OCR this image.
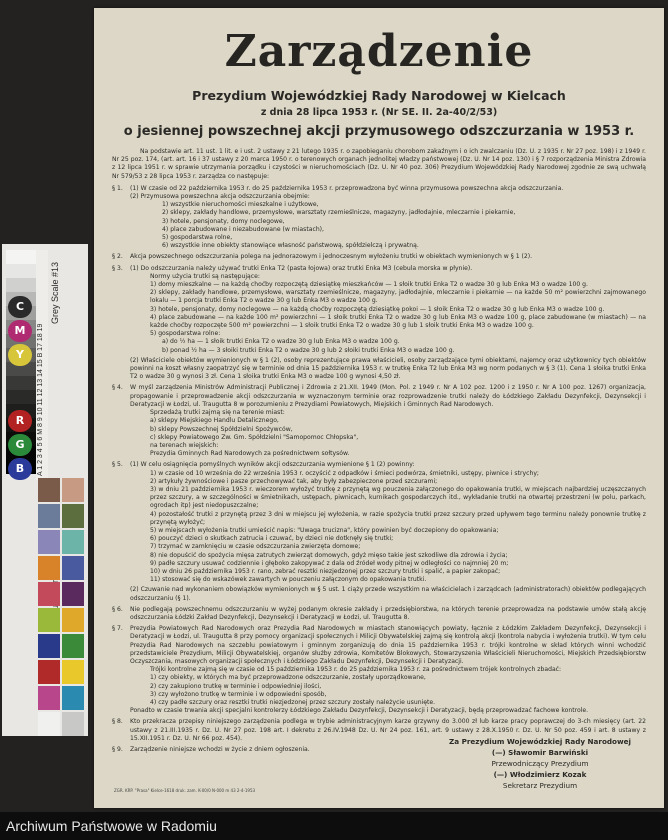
A 1 2 3 4 5 6 M 8 9 10 11 12 13 14 15 B 17 18 19
Grey Scale #13
C
M
Y
R
G
B
Zarządzenie
Prezydium Wojewódzkiej Rady Narodowej w Kielcach
z dnia 28 lipca 1953 r. (Nr SE. II. 2a-40/2/53)
o jesiennej powszechnej akcji przymusowego odszczurzania w 1953 r.

Na podstawie art. 11 ust. 1 lit. e i ust. 2 ustawy z 21 lutego 1935 r. o zapobieganiu chorobom zakaźnym i o ich zwalczaniu (Dz. U. z 1935 r. Nr 27 poz. 198) i z 1949 r. Nr 25 poz. 174, (art. art. 16 i 37 ustawy z 20 marca 1950 r. o terenowych organach jednolitej władzy państwowej (Dz. U. Nr 14 poz. 130) i § 7 rozporządzenia Ministra Zdrowia z 12 lipca 1951 r. w sprawie utrzymania porządku i czystości w nieruchomościach (Dz. U. Nr 40 poz. 306) Prezydium Wojewódzkiej Rady Narodowej zgodnie ze swą uchwałą Nr 579/53 z 28 lipca 1953 r. zarządza co następuje:

§ 1.	(1) W czasie od 22 października 1953 r. do 25 października 1953 r. przeprowadzona być winna przymusowa powszechna akcja odszczurzania.

(2) Przymusowa powszechna akcja odszczurzania obejmie:

1) wszystkie nieruchomości mieszkalne i użytkowe,

2) sklepy, zakłady handlowe, przemysłowe, warsztaty rzemieślnicze, magazyny, jadłodajnie, mleczarnie i piekarnie,

3) hotele, pensjonaty, domy noclegowe,

4) place zabudowane i niezabudowane (w miastach),

5) gospodarstwa rolne,

6) wszystkie inne obiekty stanowiące własność państwową, spółdzielczą i prywatną.

§ 2.	Akcja powszechnego odszczurzania polega na jednorazowym i jednoczesnym wyłożeniu trutki w obiektach wymienionych w § 1 (2).

§ 3.	(1) Do odszczurzania należy używać trutki Enka T2 (pasta łojowa) oraz trutki Enka M3 (cebula morska w płynie).

Normy użycia trutki są następujące:

1) domy mieszkalne — na każdą choćby rozpoczętą dziesiątkę mieszkańców — 1 słoik trutki Enka T2 o wadze 30 g lub Enka M3 o wadze 100 g.

2) sklepy, zakłady handlowe, przemysłowe, warsztaty rzemieślnicze, magazyny, jadłodajnie, mleczarnie i piekarnie — na każde 50 m² powierzchni zajmowanego lokalu — 1 porcja trutki Enka T2 o wadze 30 g lub Enka M3 o wadze 100 g.

3) hotele, pensjonaty, domy noclegowe — na każdą choćby rozpoczętą dziesiątkę pokoi — 1 słoik Enka T2 o wadze 30 g lub Enka M3 o wadze 100 g.

4) place zabudowane — na każde 100 m² powierzchni — 1 słoik trutki Enka T2 o wadze 30 g lub Enka M3 o wadze 100 g, place zabudowane (w miastach) — na każde choćby rozpoczęte 500 m² powierzchni — 1 słoik trutki Enka T2 o wadze 30 g lub 1 słoik trutki Enka M3 o wadze 100 g.

5) gospodarstwa rolne:

a) do ½ ha — 1 słoik trutki Enka T2 o wadze 30 g lub Enka M3 o wadze 100 g.

b) ponad ½ ha — 3 słoiki trutki Enka T2 o wadze 30 g lub 2 słoiki trutki Enka M3 o wadze 100 g.

(2) Właściciele obiektów wymienionych w § 1 (2), osoby reprezentujące prawa właścicieli, osoby zarządzające tymi obiektami, najemcy oraz użytkownicy tych obiektów powinni na koszt własny zaopatrzyć się w terminie od dnia 15 października 1953 r. w trutkę Enka T2 lub Enka M3 wg norm podanych w § 3 (1). Cena 1 słoika trutki Enka T2 o wadze 30 g wynosi 3 zł. Cena 1 słoika trutki Enka M3 o wadze 100 g wynosi 4,50 zł.

§ 4.	W myśl zarządzenia Ministrów Administracji Publicznej i Zdrowia z 21.XII. 1949 (Mon. Pol. z 1949 r. Nr A 102 poz. 1200 i z 1950 r. Nr A 100 poz. 1267) organizacja, propagowanie i przeprowadzenie akcji odszczurzania w wyznaczonym terminie oraz rozprowadzenie trutki należy do Łódzkiego Zakładu Dezynfekcji, Dezynsekcji i Deratyzacji w Łodzi, ul. Traugutta 8 w porozumieniu z Prezydiami Powiatowych, Miejskich i Gminnych Rad Narodowych.

Sprzedażą trutki zajmą się na terenie miast:

a) sklepy Miejskiego Handlu Detalicznego,

b) sklepy Powszechnej Spółdzielni Spożywców,

c) sklepy Powiatowego Zw. Gm. Spółdzielni "Samopomoc Chłopska",

na terenach wiejskich:

Prezydia Gminnych Rad Narodowych za pośrednictwem sołtysów.

§ 5.	(1) W celu osiągnięcia pomyślnych wyników akcji odszczurzania wymienione § 1 (2) powinny:

1) w czasie od 10 września do 22 września 1953 r. oczyścić z odpadków i śmieci podwórza, śmietniki, ustępy, piwnice i strychy;

2) artykuły żywnościowe i pasze przechowywać tak, aby były zabezpieczone przed szczurami;

3) w dniu 21 października 1953 r. wieczorem wyłożyć trutkę z przynętą wg pouczenia załączonego do opakowania trutki, w miejscach najbardziej uczęszczanych przez szczury, a w szczególności w śmietnikach, ustępach, piwnicach, kurnikach gospodarczych itd., wykładanie trutki na otwartej przestrzeni (w polu, parkach, ogrodach itp) jest niedopuszczalne;

4) pozostałość trutki z przynętą przez 3 dni w miejscu jej wyłożenia, w razie spożycia trutki przez szczury przed upływem tego terminu należy ponownie trutkę z przynętą wyłożyć;

5) w miejscach wyłożenia trutki umieścić napis: "Uwaga trucizna", który powinien być doczepiony do opakowania;

6) pouczyć dzieci o skutkach zatrucia i czuwać, by dzieci nie dotknęły się trutki;

7) trzymać w zamknięciu w czasie odszczurzania zwierzęta domowe;

8) nie dopuścić do spożycia mięsa zatrutych zwierząt domowych, gdyż mięso takie jest szkodliwe dla zdrowia i życia;

9) padłe szczury usuwać codziennie i głęboko zakopywać z dala od źródeł wody pitnej w odległości co najmniej 20 m;

10) w dniu 26 października 1953 r. rano, zebrać resztki niezjedzonej przez szczury trutki i spalić, a papier zakopać;

11) stosować się do wskazówek zawartych w pouczeniu załączonym do opakowania trutki.

(2) Czuwanie nad wykonaniem obowiązków wymienionych w § 5 ust. 1 ciąży przede wszystkim na właścicielach i zarządcach (administratorach) obiektów podlegających odszczurzaniu (§ 1).

§ 6.	Nie podlegają powszechnemu odszczurzaniu w wyżej podanym okresie zakłady i przedsiębiorstwa, na których terenie przeprowadza na podstawie umów stałą akcję odszczurzania Łódzki Zakład Dezynfekcji, Dezynsekcji i Deratyzacji w Łodzi, ul. Traugutta 8.

§ 7.	Prezydia Powiatowych Rad Narodowych oraz Prezydia Rad Narodowych w miastach stanowiących powiaty, łącznie z Łódzkim Zakładem Dezynfekcji, Dezynsekcji i Deratyzacji w Łodzi, ul. Traugutta 8 przy pomocy organizacji społecznych i Milicji Obywatelskiej zajmą się kontrolą akcji (kontrola nabycia i wyłożenia trutki). W tym celu Prezydia Rad Narodowych na szczeblu powiatowym i gminnym zorganizują do dnia 15 października 1953 r. trójki kontrolne w skład których winni wchodzić przedstawiciele Prezydium, Milicji Obywatelskiej, organów służby zdrowia, Komitetów Blokowych, Stowarzyszenia Właścicieli Nieruchomości, Miejskich Przedsiębiorstw Oczyszczania, masowych organizacji społecznych i Łódzkiego Zakładu Dezynfekcji, Dezynsekcji i Deratyzacji.

Trójki kontrolne zajmą się w czasie od 15 października 1953 r. do 25 października 1953 r. za pośrednictwem trójek kontrolnych zbadać:

1) czy obiekty, w których ma być przeprowadzone odszczurzanie, zostały uporządkowane,

2) czy zakupiono trutkę w terminie i odpowiedniej ilości,

3) czy wyłożono trutkę w terminie i w odpowiedni sposób,

4) czy padłe szczury oraz resztki trutki niezjedzonej przez szczury zostały należycie usunięte.

Ponadto w czasie trwania akcji specjalni kontrolerzy Łódzkiego Zakładu Dezynfekcji, Dezynsekcji i Deratyzacji, będą przeprowadzać fachowe kontrole.

§ 8.	Kto przekracza przepisy niniejszego zarządzenia podlega w trybie administracyjnym karze grzywny do 3.000 zł lub karze pracy poprawczej do 3-ch miesięcy (art. 22 ustawy z 21.III.1935 r. Dz. U. Nr 27 poz. 198 art. I dekretu z 26.IV.1948 Dz. U. Nr 24 poz. 161, art. 9 ustawy z 28.X.1950 r. Dz. U. Nr 50 poz. 459 i art. 8 ustawy z 15.XII.1951 r. Dz. U. Nr 66 poz. 454).

§ 9.	Zarządzenie niniejsze wchodzi w życie z dniem ogłoszenia.

Za Prezydium Wojewódzkiej Rady Narodowej
(—) Sławomir Barwiński
Przewodniczący Prezydium
(—) Włodzimierz Kozak
Sekretarz Prezydium
ZGR. KRP. "Prasa" Kielce-1618 druk. zam. K-00/0 N-000 m 43 2-4-1953
Archiwum Państwowe w Radomiu
